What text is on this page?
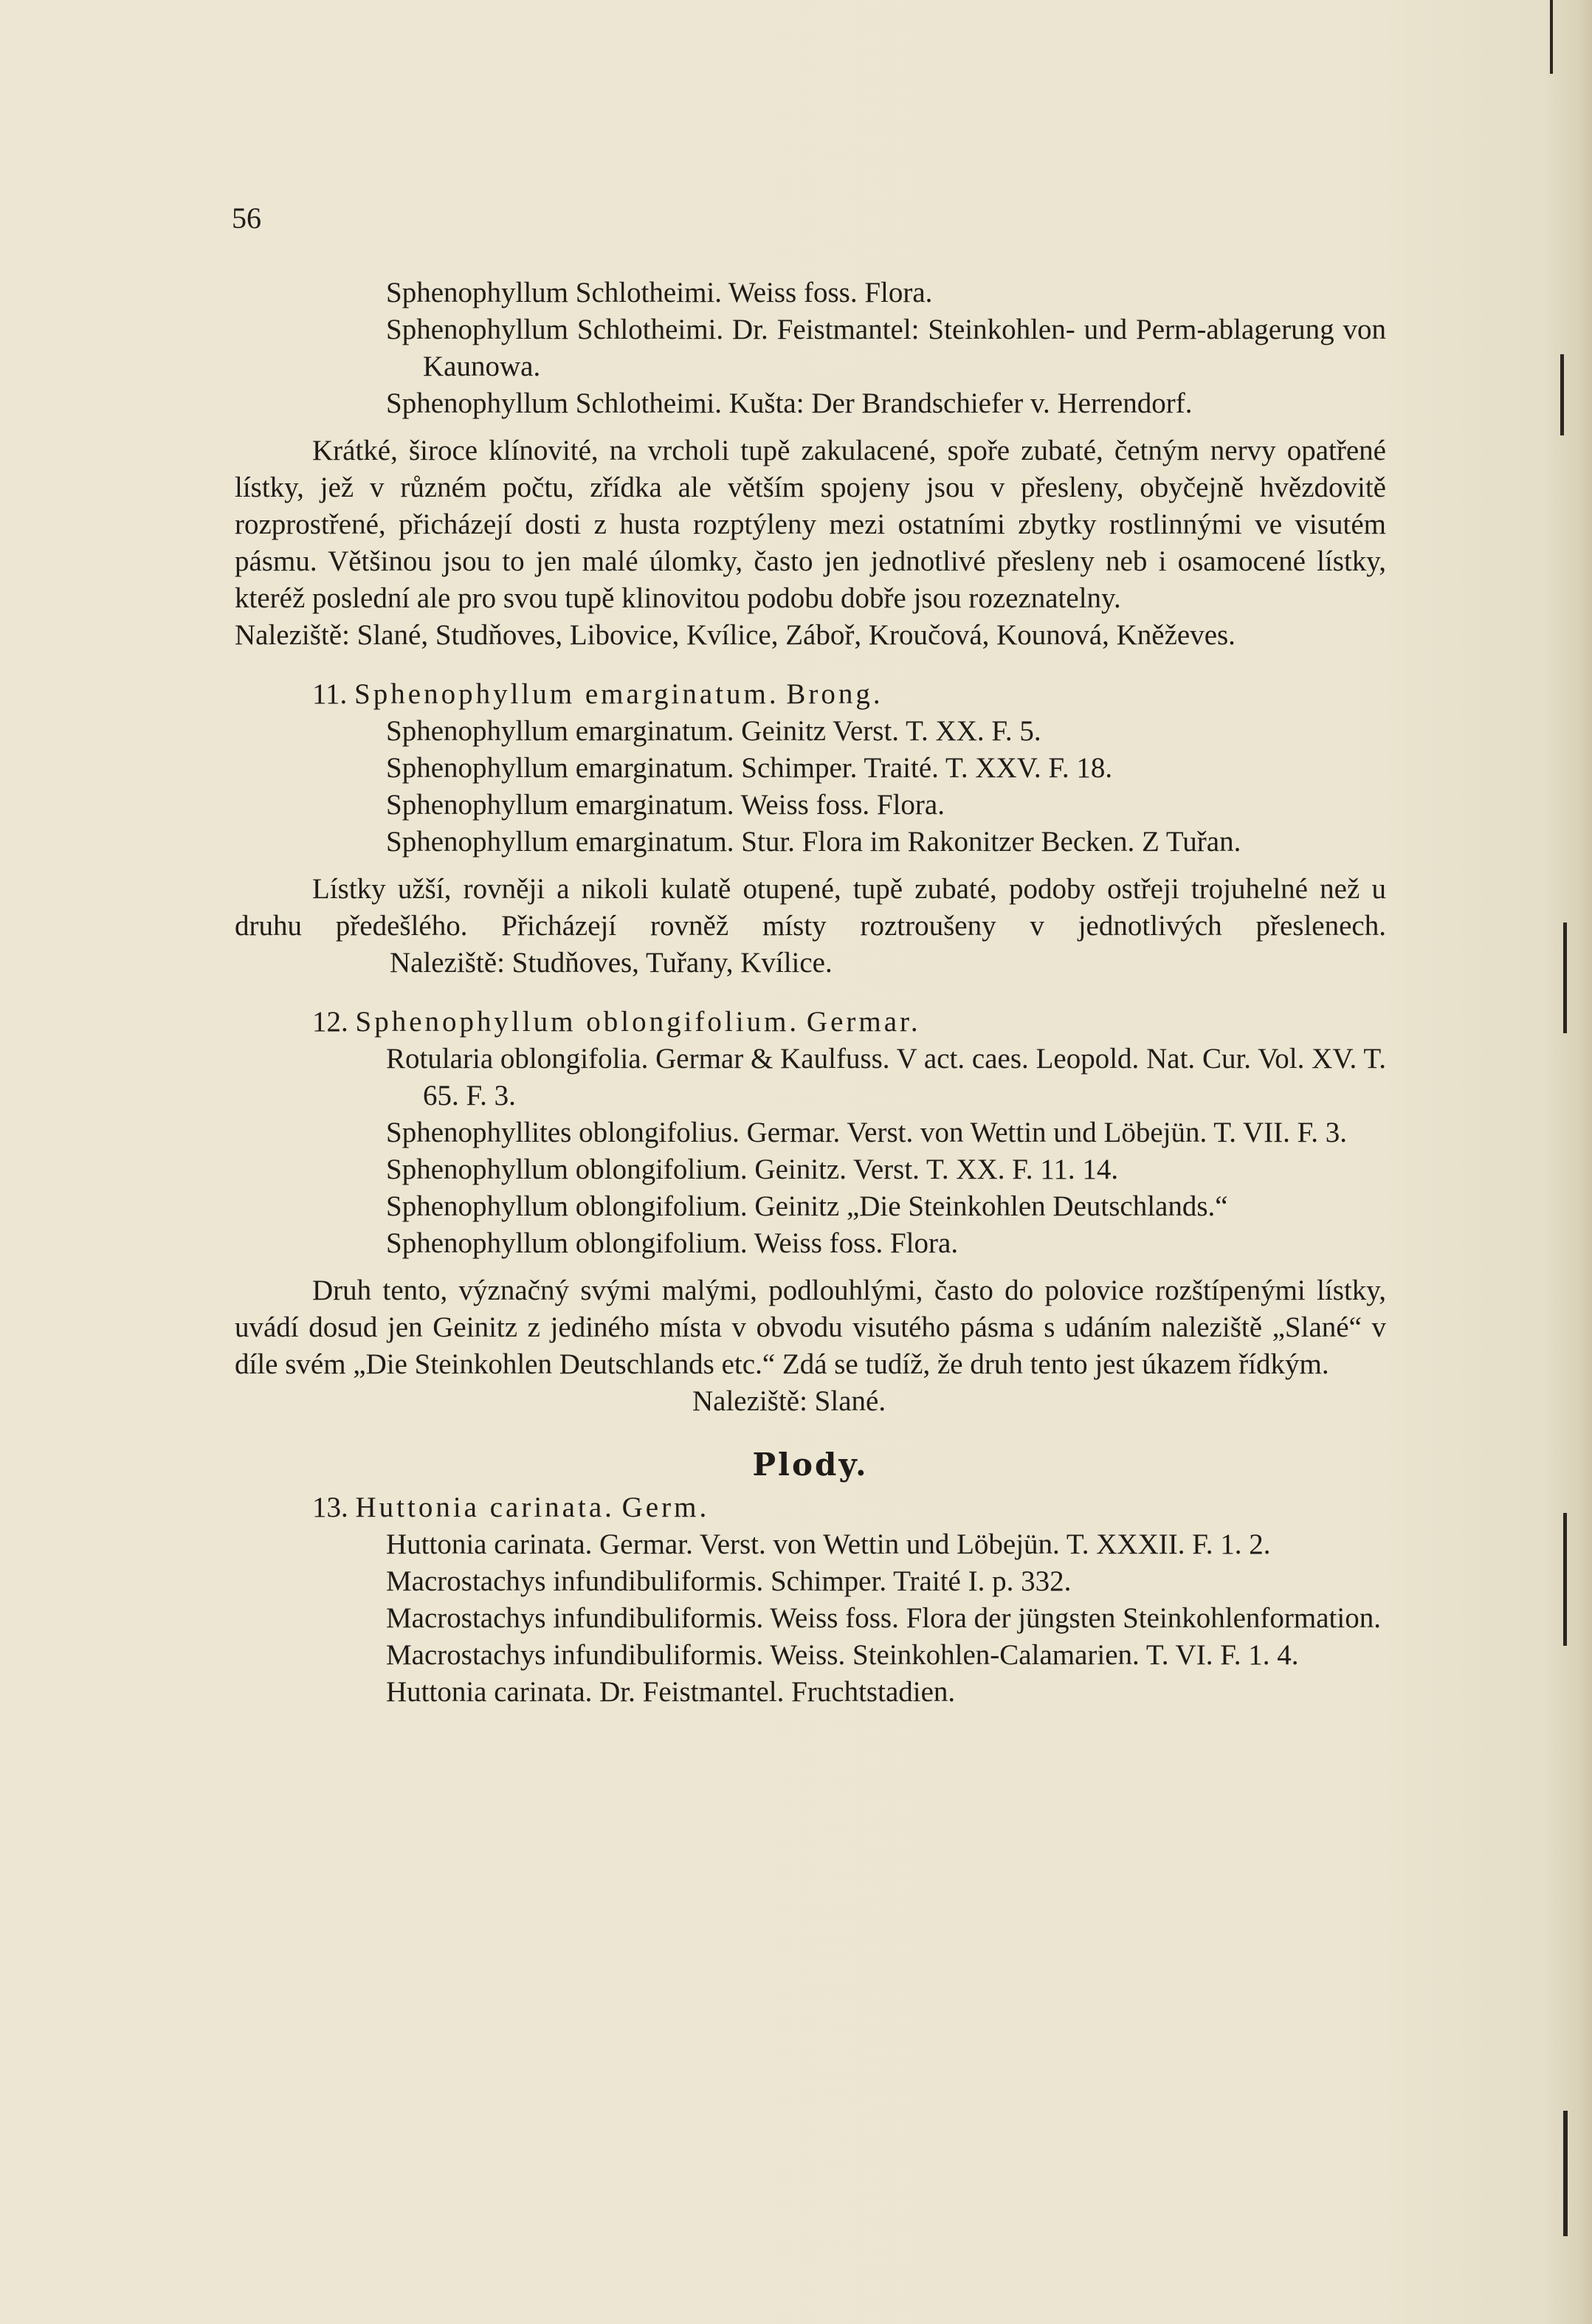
56
Sphenophyllum Schlotheimi. Weiss foss. Flora.
Sphenophyllum Schlotheimi. Dr. Feistmantel: Steinkohlen- und Perm-ablagerung von Kaunowa.
Sphenophyllum Schlotheimi. Kušta: Der Brandschiefer v. Herrendorf.
Krátké, široce klínovité, na vrcholi tupě zakulacené, spoře zubaté, četným nervy opatřené lístky, jež v různém počtu, zřídka ale větším spojeny jsou v přesleny, obyčejně hvězdovitě rozprostřené, přicházejí dosti z husta rozptýleny mezi ostatními zbytky rostlinnými ve visutém pásmu. Většinou jsou to jen malé úlomky, často jen jednotlivé přesleny neb i osamocené lístky, kteréž poslední ale pro svou tupě klinovitou podobu dobře jsou rozeznatelny.
Naleziště: Slané, Studňoves, Libovice, Kvílice, Záboř, Kroučová, Kounová, Kněževes.
11. Sphenophyllum emarginatum. Brong.
Sphenophyllum emarginatum. Geinitz Verst. T. XX. F. 5.
Sphenophyllum emarginatum. Schimper. Traité. T. XXV. F. 18.
Sphenophyllum emarginatum. Weiss foss. Flora.
Sphenophyllum emarginatum. Stur. Flora im Rakonitzer Becken. Z Tuřan.
Lístky užší, rovněji a nikoli kulatě otupené, tupě zubaté, podoby ostřeji trojuhelné než u druhu předešlého. Přicházejí rovněž místy roztroušeny v jednotlivých přeslenech. Naleziště: Studňoves, Tuřany, Kvílice.
12. Sphenophyllum oblongifolium. Germar.
Rotularia oblongifolia. Germar & Kaulfuss. V act. caes. Leopold. Nat. Cur. Vol. XV. T. 65. F. 3.
Sphenophyllites oblongifolius. Germar. Verst. von Wettin und Löbejün. T. VII. F. 3.
Sphenophyllum oblongifolium. Geinitz. Verst. T. XX. F. 11. 14.
Sphenophyllum oblongifolium. Geinitz „Die Steinkohlen Deutschlands.“
Sphenophyllum oblongifolium. Weiss foss. Flora.
Druh tento, význačný svými malými, podlouhlými, často do polovice rozštípenými lístky, uvádí dosud jen Geinitz z jediného místa v obvodu visutého pásma s udáním naleziště „Slané“ v díle svém „Die Steinkohlen Deutschlands etc.“ Zdá se tudíž, že druh tento jest úkazem řídkým.
Naleziště: Slané.
Plody.
13. Huttonia carinata. Germ.
Huttonia carinata. Germar. Verst. von Wettin und Löbejün. T. XXXII. F. 1. 2.
Macrostachys infundibuliformis. Schimper. Traité I. p. 332.
Macrostachys infundibuliformis. Weiss foss. Flora der jüngsten Steinkohlenformation.
Macrostachys infundibuliformis. Weiss. Steinkohlen-Calamarien. T. VI. F. 1. 4.
Huttonia carinata. Dr. Feistmantel. Fruchtstadien.
